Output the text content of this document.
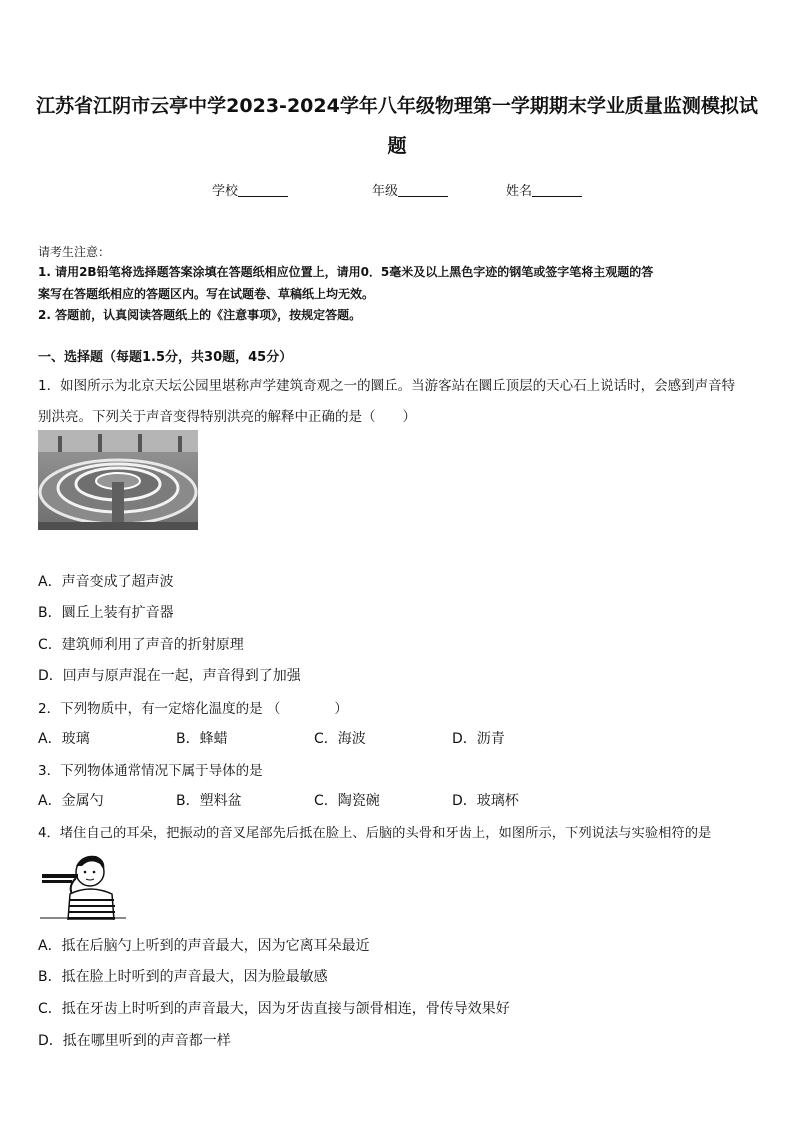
江苏省江阴市云亭中学2023-2024学年八年级物理第一学期期末学业质量监测模拟试题
学校	年级	姓名
请考生注意：
1. 请用2B铅笔将选择题答案涂填在答题纸相应位置上，请用0．5毫米及以上黑色字迹的钢笔或签字笔将主观题的答
案写在答题纸相应的答题区内。写在试题卷、草稿纸上均无效。
2. 答题前，认真阅读答题纸上的《注意事项》，按规定答题。
一、选择题（每题1.5分，共30题，45分）
1．如图所示为北京天坛公园里堪称声学建筑奇观之一的圜丘。当游客站在圜丘顶层的天心石上说话时，会感到声音特
别洪亮。下列关于声音变得特别洪亮的解释中正确的是（　　）
A．声音变成了超声波
B．圜丘上装有扩音器
C．建筑师利用了声音的折射原理
D．回声与原声混在一起，声音得到了加强
2．下列物质中，有一定熔化温度的是 （　　　　）
A．玻璃	B．蜂蜡	C．海波	D．沥青
3．下列物体通常情况下属于导体的是
A．金属勺	B．塑料盆	C．陶瓷碗	D．玻璃杯
4．堵住自己的耳朵，把振动的音叉尾部先后抵在脸上、后脑的头骨和牙齿上，如图所示，下列说法与实验相符的是
A．抵在后脑勺上听到的声音最大，因为它离耳朵最近
B．抵在脸上时听到的声音最大，因为脸最敏感
C．抵在牙齿上时听到的声音最大，因为牙齿直接与颌骨相连，骨传导效果好
D．抵在哪里听到的声音都一样
